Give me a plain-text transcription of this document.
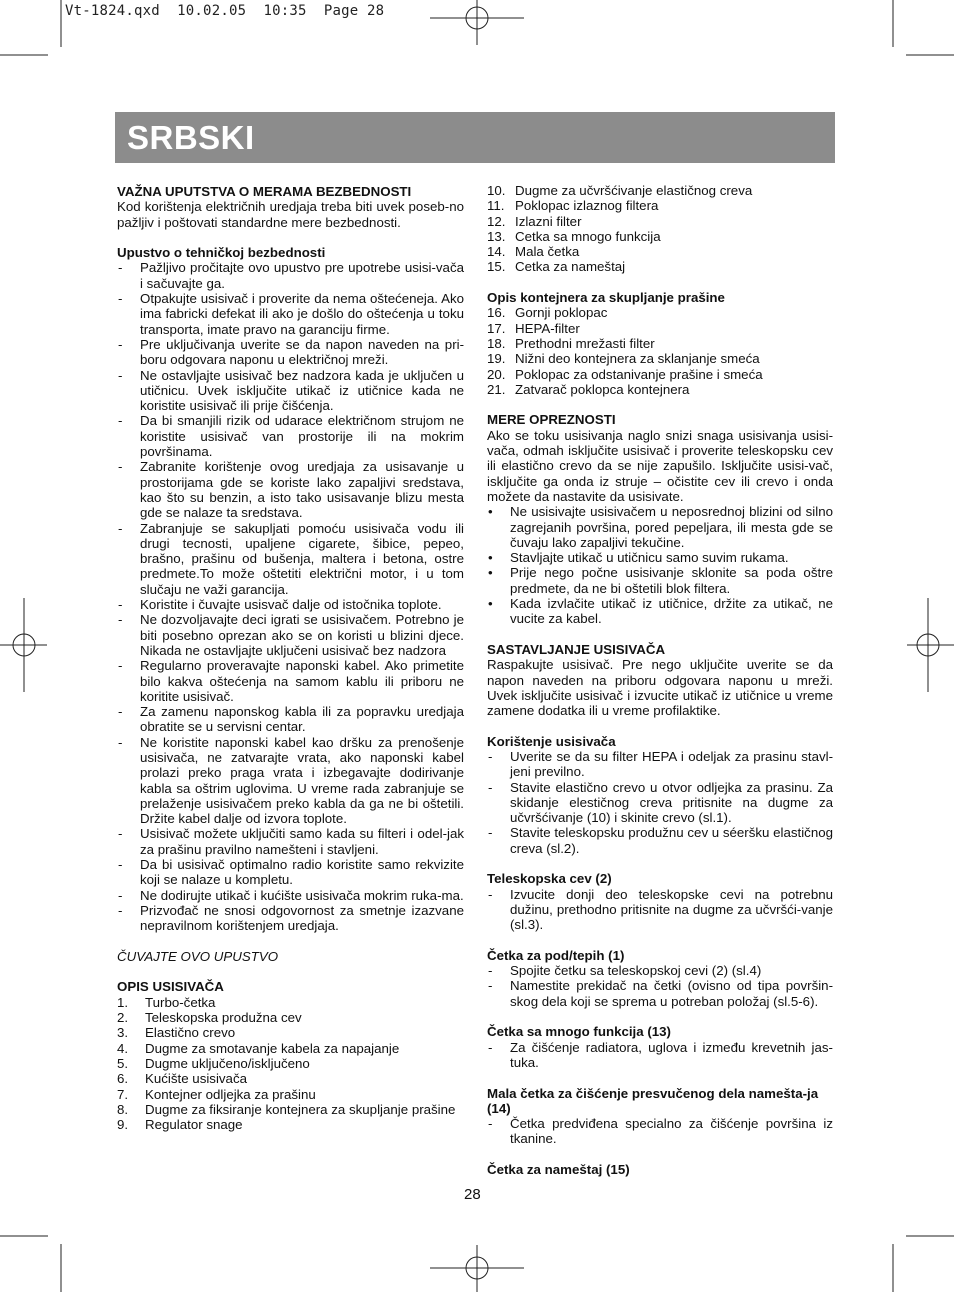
Vt-1824.qxd  10.02.05  10:35  Page 28
SRBSKI
VAŽNA UPUTSTVA O MERAMA BEZBEDNOSTI
Kod korištenja električnih uredjaja treba biti uvek poseb-no pažljiv i poštovati standardne mere bezbednosti.
Upustvo o tehničkoj bezbednosti
- Pažljivo pročitajte ovo upustvo pre upotrebe usisi-vača i sačuvajte ga.
- Otpakujte usisivač i proverite da nema oštećeneja. Ako ima fabricki defekat ili ako je došlo do oštećenja u toku transporta, imate pravo na garanciju firme.
- Pre uključivanja uverite se da napon naveden na pri-boru odgovara naponu u električnoj mreži.
- Ne ostavljajte usisivač bez nadzora kada je uključen u utičnicu. Uvek isključite utikač iz utičnice kada ne koristite usisivač ili prije čišćenja.
- Da bi smanjili rizik od udarace električnom strujom ne koristite usisivač van prostorije ili na mokrim površinama.
- Zabranite korištenje ovog uredjaja za usisavanje u prostorijama gde se koriste lako zapaljivi sredstava, kao što su benzin, a isto tako usisavanje blizu mesta gde se nalaze ta sredstava.
- Zabranjuje se sakupljati pomoću usisivača vodu ili drugi tecnosti, upaljene cigarete, šibice, pepeo, brašno, prašinu od bušenja, maltera i betona, ostre predmete.To može oštetiti električni motor, i u tom slučaju ne važi garancija.
- Koristite i čuvajte usisvač dalje od istočnika toplote.
- Ne dozvoljavajte deci igrati se usisivačem. Potrebno je biti posebno oprezan ako se on koristi u blizini djece. Nikada ne ostavljajte uključeni usisivač bez nadzora
- Regularno proveravajte naponski kabel. Ako primetite bilo kakva oštećenja na samom kablu ili priboru ne koritite usisivač.
- Za zamenu naponskog kabla ili za popravku uredjaja obratite se u servisni centar.
- Ne koristite naponski kabel kao dršku za prenošenje usisivača, ne zatvarajte vrata, ako naponski kabel prolazi preko praga vrata i izbegavajte dodirivanje kabla sa oštrim uglovima. U vreme rada zabranjuje se prelaženje usisivačem preko kabla da ga ne bi oštetili. Držite kabel dalje od izvora toplote.
- Usisivač možete uključiti samo kada su filteri i odel-jak za prašinu pravilno namešteni i stavljeni.
- Da bi usisivač optimalno radio koristite samo rekvizite koji se nalaze u kompletu.
- Ne dodirujte utikač i kućište usisivača mokrim ruka-ma.
- Prizvođač ne snosi odgovornost za smetnje izazvane nepravilnom korištenjem uredjaja.
ČUVAJTE OVO UPUSTVO
OPIS USISIVAČA
1. Turbo-četka
2. Teleskopska produžna cev
3. Elastično crevo
4. Dugme za smotavanje kabela za napajanje
5. Dugme uključeno/isključeno
6. Kućište usisivača
7. Kontejner odljejka za prašinu
8. Dugme za fiksiranje kontejnera za skupljanje prašine
9. Regulator snage
10. Dugme za učvršćivanje elastičnog creva
11. Poklopac izlaznog filtera
12. Izlazni filter
13. Cetka sa mnogo funkcija
14. Mala četka
15. Cetka za nameštaj
Opis kontejnera za skupljanje prašine
16. Gornji poklopac
17. HEPA-filter
18. Prethodni mrežasti filter
19. Nižni deo kontejnera za sklanjanje smeća
20. Poklopac za odstanivanje prašine i smeća
21. Zatvarač poklopca kontejnera
MERE OPREZNOSTI
Ako se toku usisivanja naglo snizi snaga usisivanja usisi-vača, odmah isključite usisivač i proverite teleskopsku cev ili elastično crevo da se nije zapušilo. Isključite usisi-vač, isključite ga onda iz struje – očistite cev ili crevo i onda možete da nastavite da usisivate.
• Ne usisivajte usisivačem u neposrednoj blizini od silno zagrejanih površina, pored pepeljara, ili mesta gde se čuvaju lako zapaljivi tekučine.
• Stavljajte utikač u utičnicu samo suvim rukama.
• Prije nego počne usisivanje sklonite sa poda oštre predmete, da ne bi oštetili blok filtera.
• Kada izvlačite utikač iz utičnice, držite za utikač, ne vucite za kabel.
SASTAVLJANJE USISIVAČA
Raspakujte usisivač. Pre nego uključite uverite se da napon naveden na priboru odgovara naponu u mreži. Uvek isključite usisivač i izvucite utikač iz utičnice u vreme zamene dodatka ili u vreme profilaktike.
Korištenje usisivača
- Uverite se da su filter HEPA i odeljak za prasinu stavl-jeni previlno.
- Stavite elastično crevo u otvor odljejka za prasinu. Za skidanje elestičnog creva pritisnite na dugme za učvršćivanje (10) i skinite crevo (sl.1).
- Stavite teleskopsku produžnu cev u séeršku elastičnog creva (sl.2).
Teleskopska cev (2)
- Izvucite donji deo teleskopske cevi na potrebnu dužinu, prethodno pritisnite na dugme za učvršći-vanje (sl.3).
Četka za pod/tepih (1)
- Spojite četku sa teleskopskoj cevi (2) (sl.4)
- Namestite prekidač na četki (ovisno od tipa površin-skog dela koji se sprema u potreban položaj (sl.5-6).
Četka sa mnogo funkcija (13)
- Za čišćenje radiatora, uglova i između krevetnih jas-tuka.
Mala četka za čišćenje presvučenog dela namešta-ja (14)
- Četka predviđena specialno za čišćenje površina iz tkanine.
Četka za nameštaj (15)
28
